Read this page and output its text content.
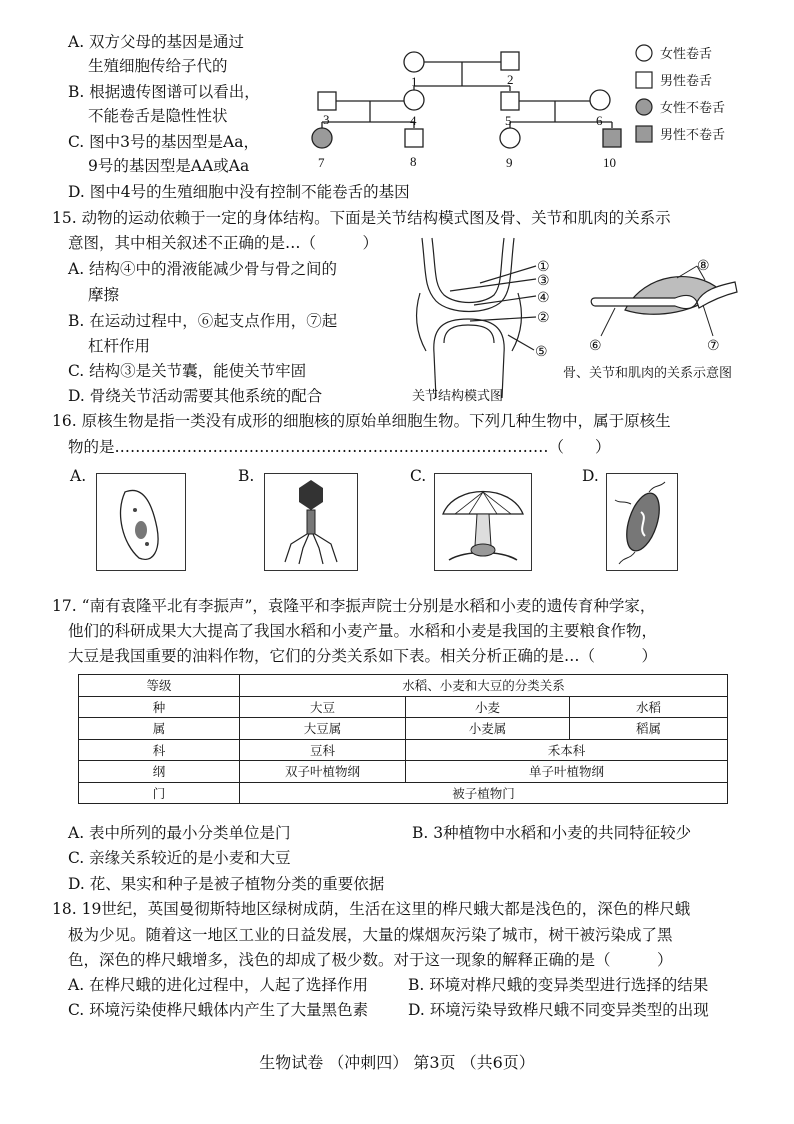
A. 双方父母的基因是通过
生殖细胞传给子代的
B. 根据遗传图谱可以看出，
不能卷舌是隐性性状
C. 图中3号的基因型是Aa，
9号的基因型是AA或Aa
D. 图中4号的生殖细胞中没有控制不能卷舌的基因
1	2
3	4	5	6
7	8	9	10
女性卷舌
男性卷舌
女性不卷舌
男性不卷舌
15. 动物的运动依赖于一定的身体结构。下面是关节结构模式图及骨、关节和肌肉的关系示
意图，其中相关叙述不正确的是…（　　　）
A. 结构④中的滑液能减少骨与骨之间的
摩擦
B. 在运动过程中，⑥起支点作用，⑦起
杠杆作用
C. 结构③是关节囊，能使关节牢固
D. 骨绕关节活动需要其他系统的配合
①
③
④
②
⑤
关节结构模式图
⑧
⑥	⑦
骨、关节和肌肉的关系示意图
16. 原核生物是指一类没有成形的细胞核的原始单细胞生物。下列几种生物中，属于原核生
物的是…………………………………………………………………………（　　）
A.	B.	C.	D.
17. “南有袁隆平北有李振声”，袁隆平和李振声院士分别是水稻和小麦的遗传育种学家，
他们的科研成果大大提高了我国水稻和小麦产量。水稻和小麦是我国的主要粮食作物，
大豆是我国重要的油料作物，它们的分类关系如下表。相关分析正确的是…（　　　）
等级	水稻、小麦和大豆的分类关系		
种	大豆	小麦	水稻
属	大豆属	小麦属	稻属
科	豆科	禾本科	
纲	双子叶植物纲	单子叶植物纲	
门	被子植物门		
A. 表中所列的最小分类单位是门	B. 3种植物中水稻和小麦的共同特征较少
C. 亲缘关系较近的是小麦和大豆
D. 花、果实和种子是被子植物分类的重要依据
18. 19世纪，英国曼彻斯特地区绿树成荫，生活在这里的桦尺蛾大都是浅色的，深色的桦尺蛾
极为少见。随着这一地区工业的日益发展，大量的煤烟灰污染了城市，树干被污染成了黑
色，深色的桦尺蛾增多，浅色的却成了极少数。对于这一现象的解释正确的是（　　　）
A. 在桦尺蛾的进化过程中，人起了选择作用	B. 环境对桦尺蛾的变异类型进行选择的结果
C. 环境污染使桦尺蛾体内产生了大量黑色素	D. 环境污染导致桦尺蛾不同变异类型的出现
生物试卷 （冲刺四） 第3页 （共6页）
